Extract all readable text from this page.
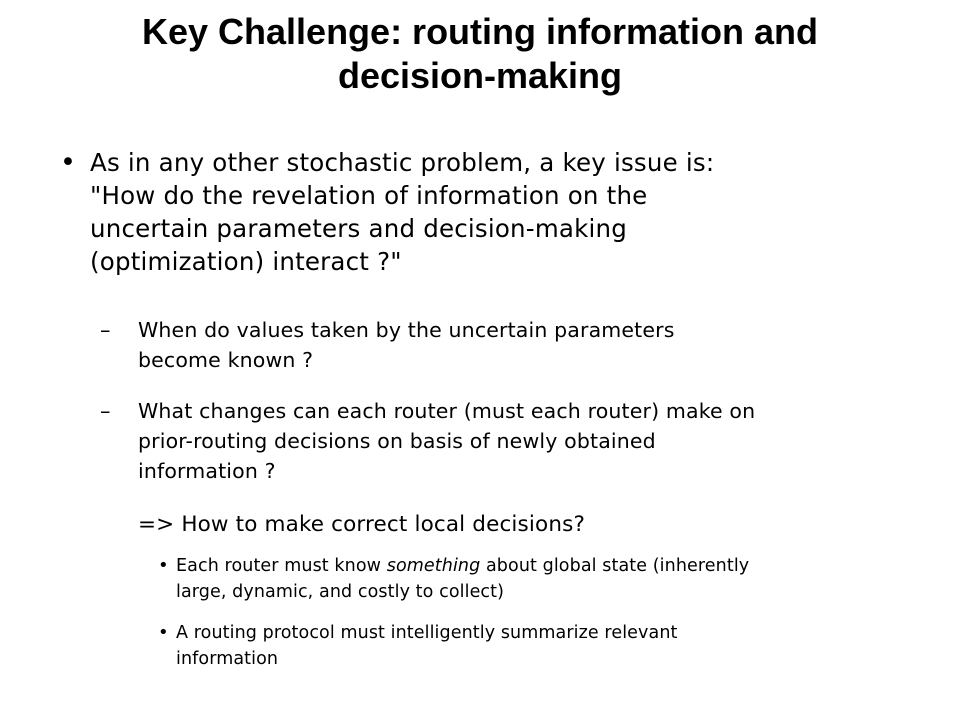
Key Challenge: routing information and
decision-making
• As in any other stochastic problem, a key issue is:
"How do the revelation of information on the
uncertain parameters and decision-making
(optimization) interact ?"
–	When do values taken by the uncertain parameters
become known ?
–	What changes can each router (must each router) make on
prior-routing decisions on basis of newly obtained
information ?
=> How to make correct local decisions?
• Each router must know something about global state (inherently
large, dynamic, and costly to collect)
• A routing protocol must intelligently summarize relevant
information
